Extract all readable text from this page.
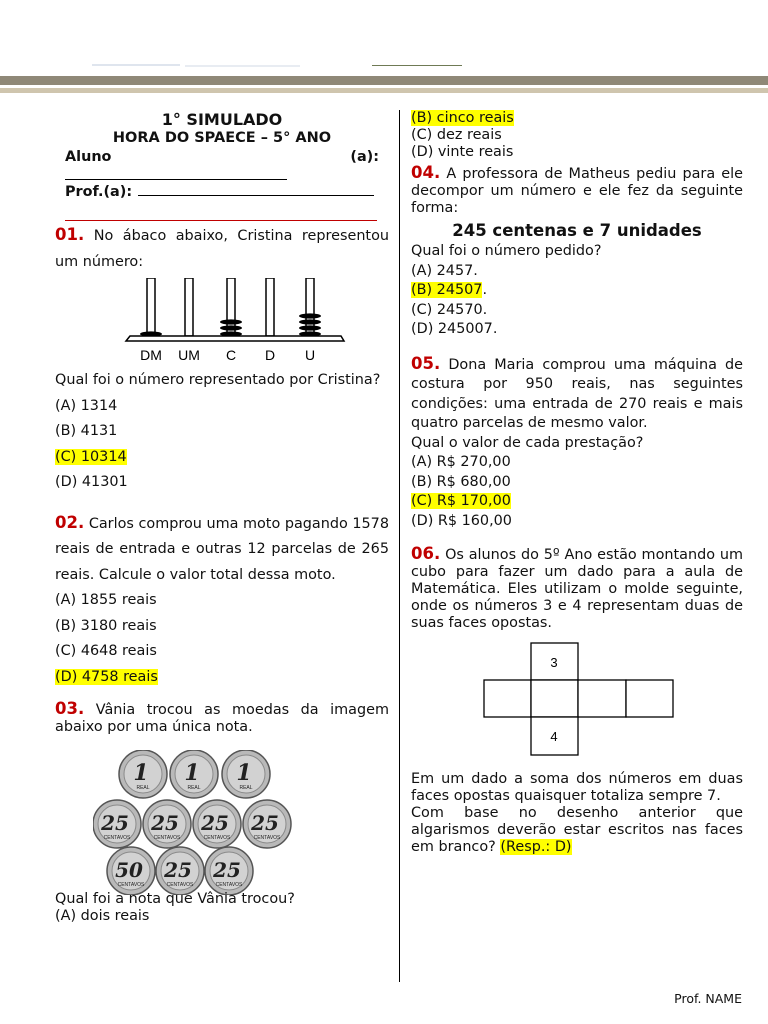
1° SIMULADO
HORA DO SPAECE – 5° ANO
Aluno	(a):
Prof.(a):
01. No ábaco abaixo, Cristina representou um número:
DM UM C D U
Qual foi o número representado por Cristina?
(A) 1314
(B) 4131
(C) 10314
(D) 41301
02. Carlos comprou uma moto pagando 1578 reais de entrada e outras 12 parcelas de 265 reais. Calcule o valor total dessa moto.
(A) 1855 reais
(B) 3180 reais
(C) 4648 reais
(D) 4758 reais
03. Vânia trocou as moedas da imagem abaixo por uma única nota.
1
REAL
1
REAL
1
REAL
25
CENTAVOS
25
CENTAVOS
25
CENTAVOS
25
CENTAVOS
50
CENTAVOS
25
CENTAVOS
25
CENTAVOS
Qual foi a nota que Vânia trocou?
(A) dois reais
(B) cinco reais
(C) dez reais
(D) vinte reais
04. A professora de Matheus pediu para ele decompor um número e ele fez da seguinte forma:
245 centenas e 7 unidades
Qual foi o número pedido?
(A) 2457.
(B) 24507.
(C) 24570.
(D) 245007.
05. Dona Maria comprou uma máquina de costura por 950 reais, nas seguintes condições: uma entrada de 270 reais e mais quatro parcelas de mesmo valor.
Qual o valor de cada prestação?
(A) R$ 270,00
(B) R$ 680,00
(C) R$ 170,00
(D) R$ 160,00
06. Os alunos do 5º Ano estão montando um cubo para fazer um dado para a aula de Matemática. Eles utilizam o molde seguinte, onde os números 3 e 4 representam duas de suas faces opostas.
3
4
Em um dado a soma dos números em duas faces opostas quaisquer totaliza sempre 7.
Com base no desenho anterior que algarismos deverão estar escritos nas faces em branco? (Resp.: D)
Prof. NAME
